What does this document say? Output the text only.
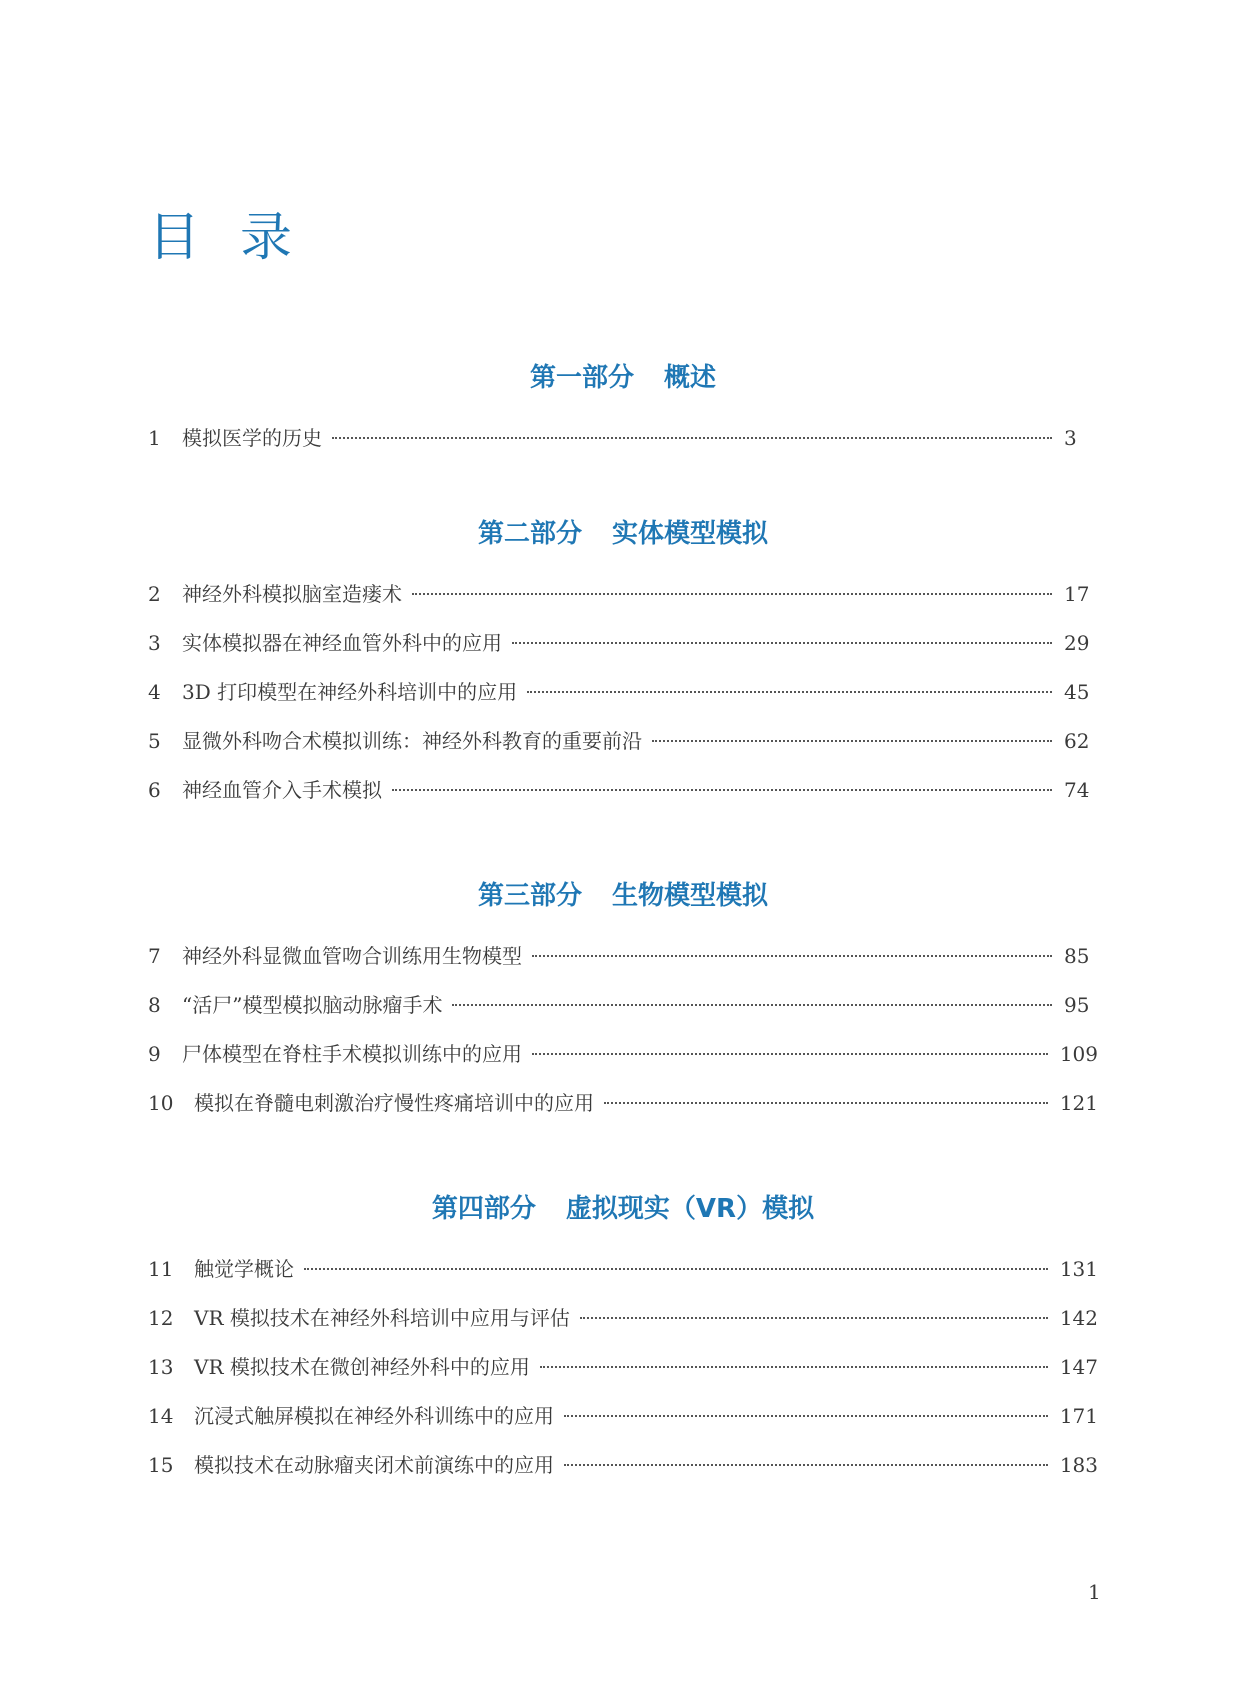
目录
第一部分 概述
1	模拟医学的历史	3
第二部分 实体模型模拟
2	神经外科模拟脑室造瘘术	17
3	实体模拟器在神经血管外科中的应用	29
4	3D 打印模型在神经外科培训中的应用	45
5	显微外科吻合术模拟训练：神经外科教育的重要前沿	62
6	神经血管介入手术模拟	74
第三部分 生物模型模拟
7	神经外科显微血管吻合训练用生物模型	85
8	“活尸”模型模拟脑动脉瘤手术	95
9	尸体模型在脊柱手术模拟训练中的应用	109
10	模拟在脊髓电刺激治疗慢性疼痛培训中的应用	121
第四部分 虚拟现实（VR）模拟
11	触觉学概论	131
12	VR 模拟技术在神经外科培训中应用与评估	142
13	VR 模拟技术在微创神经外科中的应用	147
14	沉浸式触屏模拟在神经外科训练中的应用	171
15	模拟技术在动脉瘤夹闭术前演练中的应用	183
1
